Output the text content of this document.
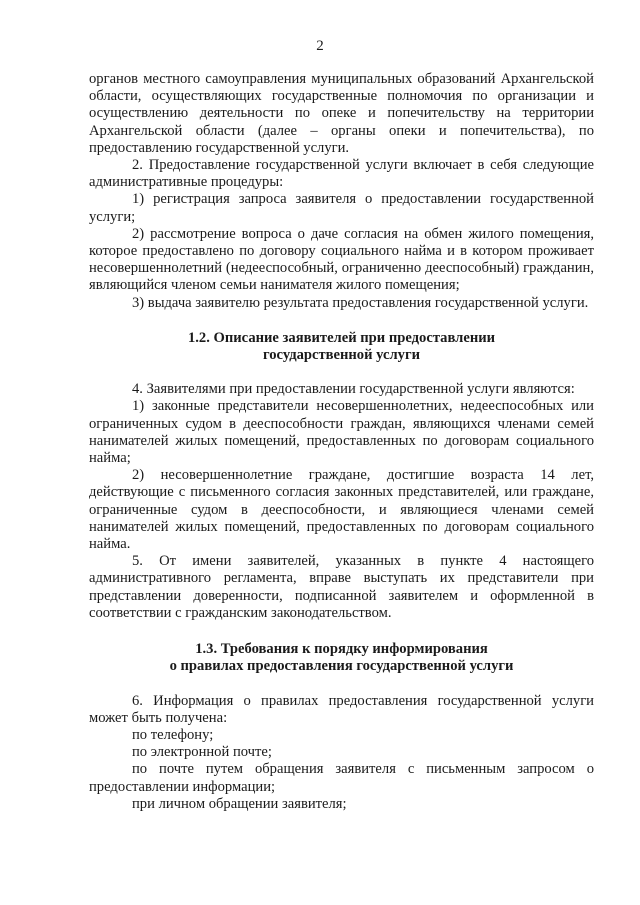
2

органов местного самоуправления муниципальных образований Архангельской области, осуществляющих государственные полномочия по организации и осуществлению деятельности по опеке и попечительству на территории Архангельской области (далее – органы опеки и попечительства), по предоставлению государственной услуги.

2. Предоставление государственной услуги включает в себя следующие административные процедуры:

1) регистрация запроса заявителя о предоставлении государственной услуги;

2) рассмотрение вопроса о даче согласия на обмен жилого помещения, которое предоставлено по договору социального найма и в котором проживает несовершеннолетний (недееспособный, ограниченно дееспособный) гражданин, являющийся членом семьи нанимателя жилого помещения;

3) выдача заявителю результата предоставления государственной услуги.

1.2. Описание заявителей при предоставлении
государственной услуги

4. Заявителями при предоставлении государственной услуги являются:

1) законные представители несовершеннолетних, недееспособных или ограниченных судом в дееспособности граждан, являющихся членами семей нанимателей жилых помещений, предоставленных по договорам социального найма;

2) несовершеннолетние граждане, достигшие возраста 14 лет, действующие с письменного согласия законных представителей, или граждане, ограниченные судом в дееспособности, и являющиеся членами семей нанимателей жилых помещений, предоставленных по договорам социального найма.

5. От имени заявителей, указанных в пункте 4 настоящего административного регламента, вправе выступать их представители при представлении доверенности, подписанной заявителем и оформленной в соответствии с гражданским законодательством.

1.3. Требования к порядку информирования
о правилах предоставления государственной услуги

6. Информация о правилах предоставления государственной услуги может быть получена:

по телефону;

по электронной почте;

по почте путем обращения заявителя с письменным запросом о предоставлении информации;

при личном обращении заявителя;
